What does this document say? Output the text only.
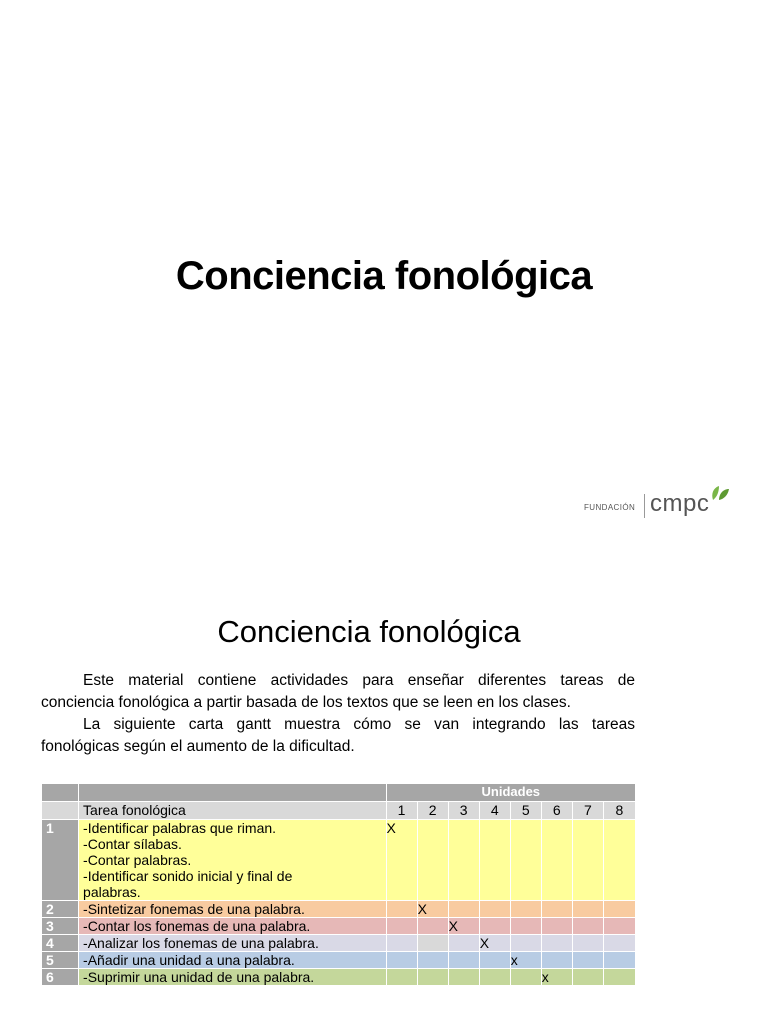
Conciencia fonológica
FUNDACIÓN cmpc
Conciencia fonológica
Este material contiene actividades para enseñar diferentes tareas de
conciencia fonológica a partir basada de los textos que se leen en los clases.
La siguiente carta gantt muestra cómo se van integrando las tareas
fonológicas según el aumento de la dificultad.
		Unidades							
	Tarea fonológica	1	2	3	4	5	6	7	8
1	-Identificar palabras que riman.
-Contar sílabas.
-Contar palabras.
-Identificar sonido inicial y final de
palabras.	X							
2	-Sintetizar fonemas de una palabra.		X						
3	-Contar los fonemas de una palabra.			X					
4	-Analizar los fonemas de una palabra.				X				
5	-Añadir una unidad a una palabra.					x			
6	-Suprimir una unidad de una palabra.						x		
